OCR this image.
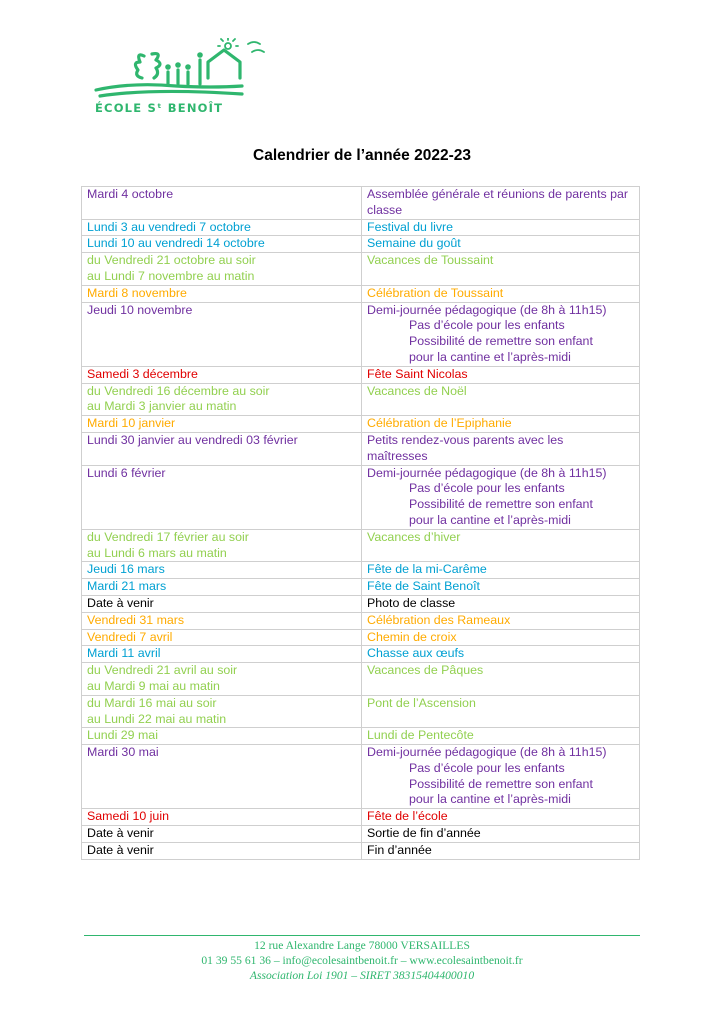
ÉCOLE Sᵗ BENOÎT
Calendrier de l’année 2022-23
Mardi 4 octobre	Assemblée générale et réunions de parents par classe

Lundi 3 au vendredi 7 octobre	Festival du livre

Lundi 10 au vendredi 14 octobre	Semaine du goût

du Vendredi 21 octobre au soir
au Lundi 7 novembre au matin	Vacances de Toussaint

Mardi 8 novembre	Célébration de Toussaint

Jeudi 10 novembre	Demi-journée pédagogique (de 8h à 11h15)
Pas d’école pour les enfants
Possibilité de remettre son enfant
pour la cantine et l’après-midi

Samedi 3 décembre	Fête Saint Nicolas

du Vendredi 16 décembre au soir
au Mardi 3 janvier au matin	Vacances de Noël

Mardi 10 janvier	Célébration de l’Epiphanie

Lundi 30 janvier au vendredi 03 février	Petits rendez-vous parents avec les
maîtresses

Lundi 6 février	Demi-journée pédagogique (de 8h à 11h15)
Pas d’école pour les enfants
Possibilité de remettre son enfant
pour la cantine et l’après-midi

du Vendredi 17 février au soir
au Lundi 6 mars au matin	Vacances d’hiver

Jeudi 16 mars	Fête de la mi-Carême

Mardi 21 mars	Fête de Saint Benoît

Date à venir	Photo de classe

Vendredi 31 mars	Célébration des Rameaux

Vendredi 7 avril	Chemin de croix

Mardi 11 avril	Chasse aux œufs

du Vendredi 21 avril au soir
au Mardi 9 mai au matin	Vacances de Pâques

du Mardi 16 mai au soir
au Lundi 22 mai au matin	Pont de l’Ascension

Lundi 29 mai	Lundi de Pentecôte

Mardi 30 mai	Demi-journée pédagogique (de 8h à 11h15)
Pas d’école pour les enfants
Possibilité de remettre son enfant
pour la cantine et l’après-midi

Samedi 10 juin	Fête de l’école

Date à venir	Sortie de fin d’année

Date à venir	Fin d’année
12 rue Alexandre Lange 78000 VERSAILLES
01 39 55 61 36 – info@ecolesaintbenoit.fr – www.ecolesaintbenoit.fr
Association Loi 1901 – SIRET 38315404400010
